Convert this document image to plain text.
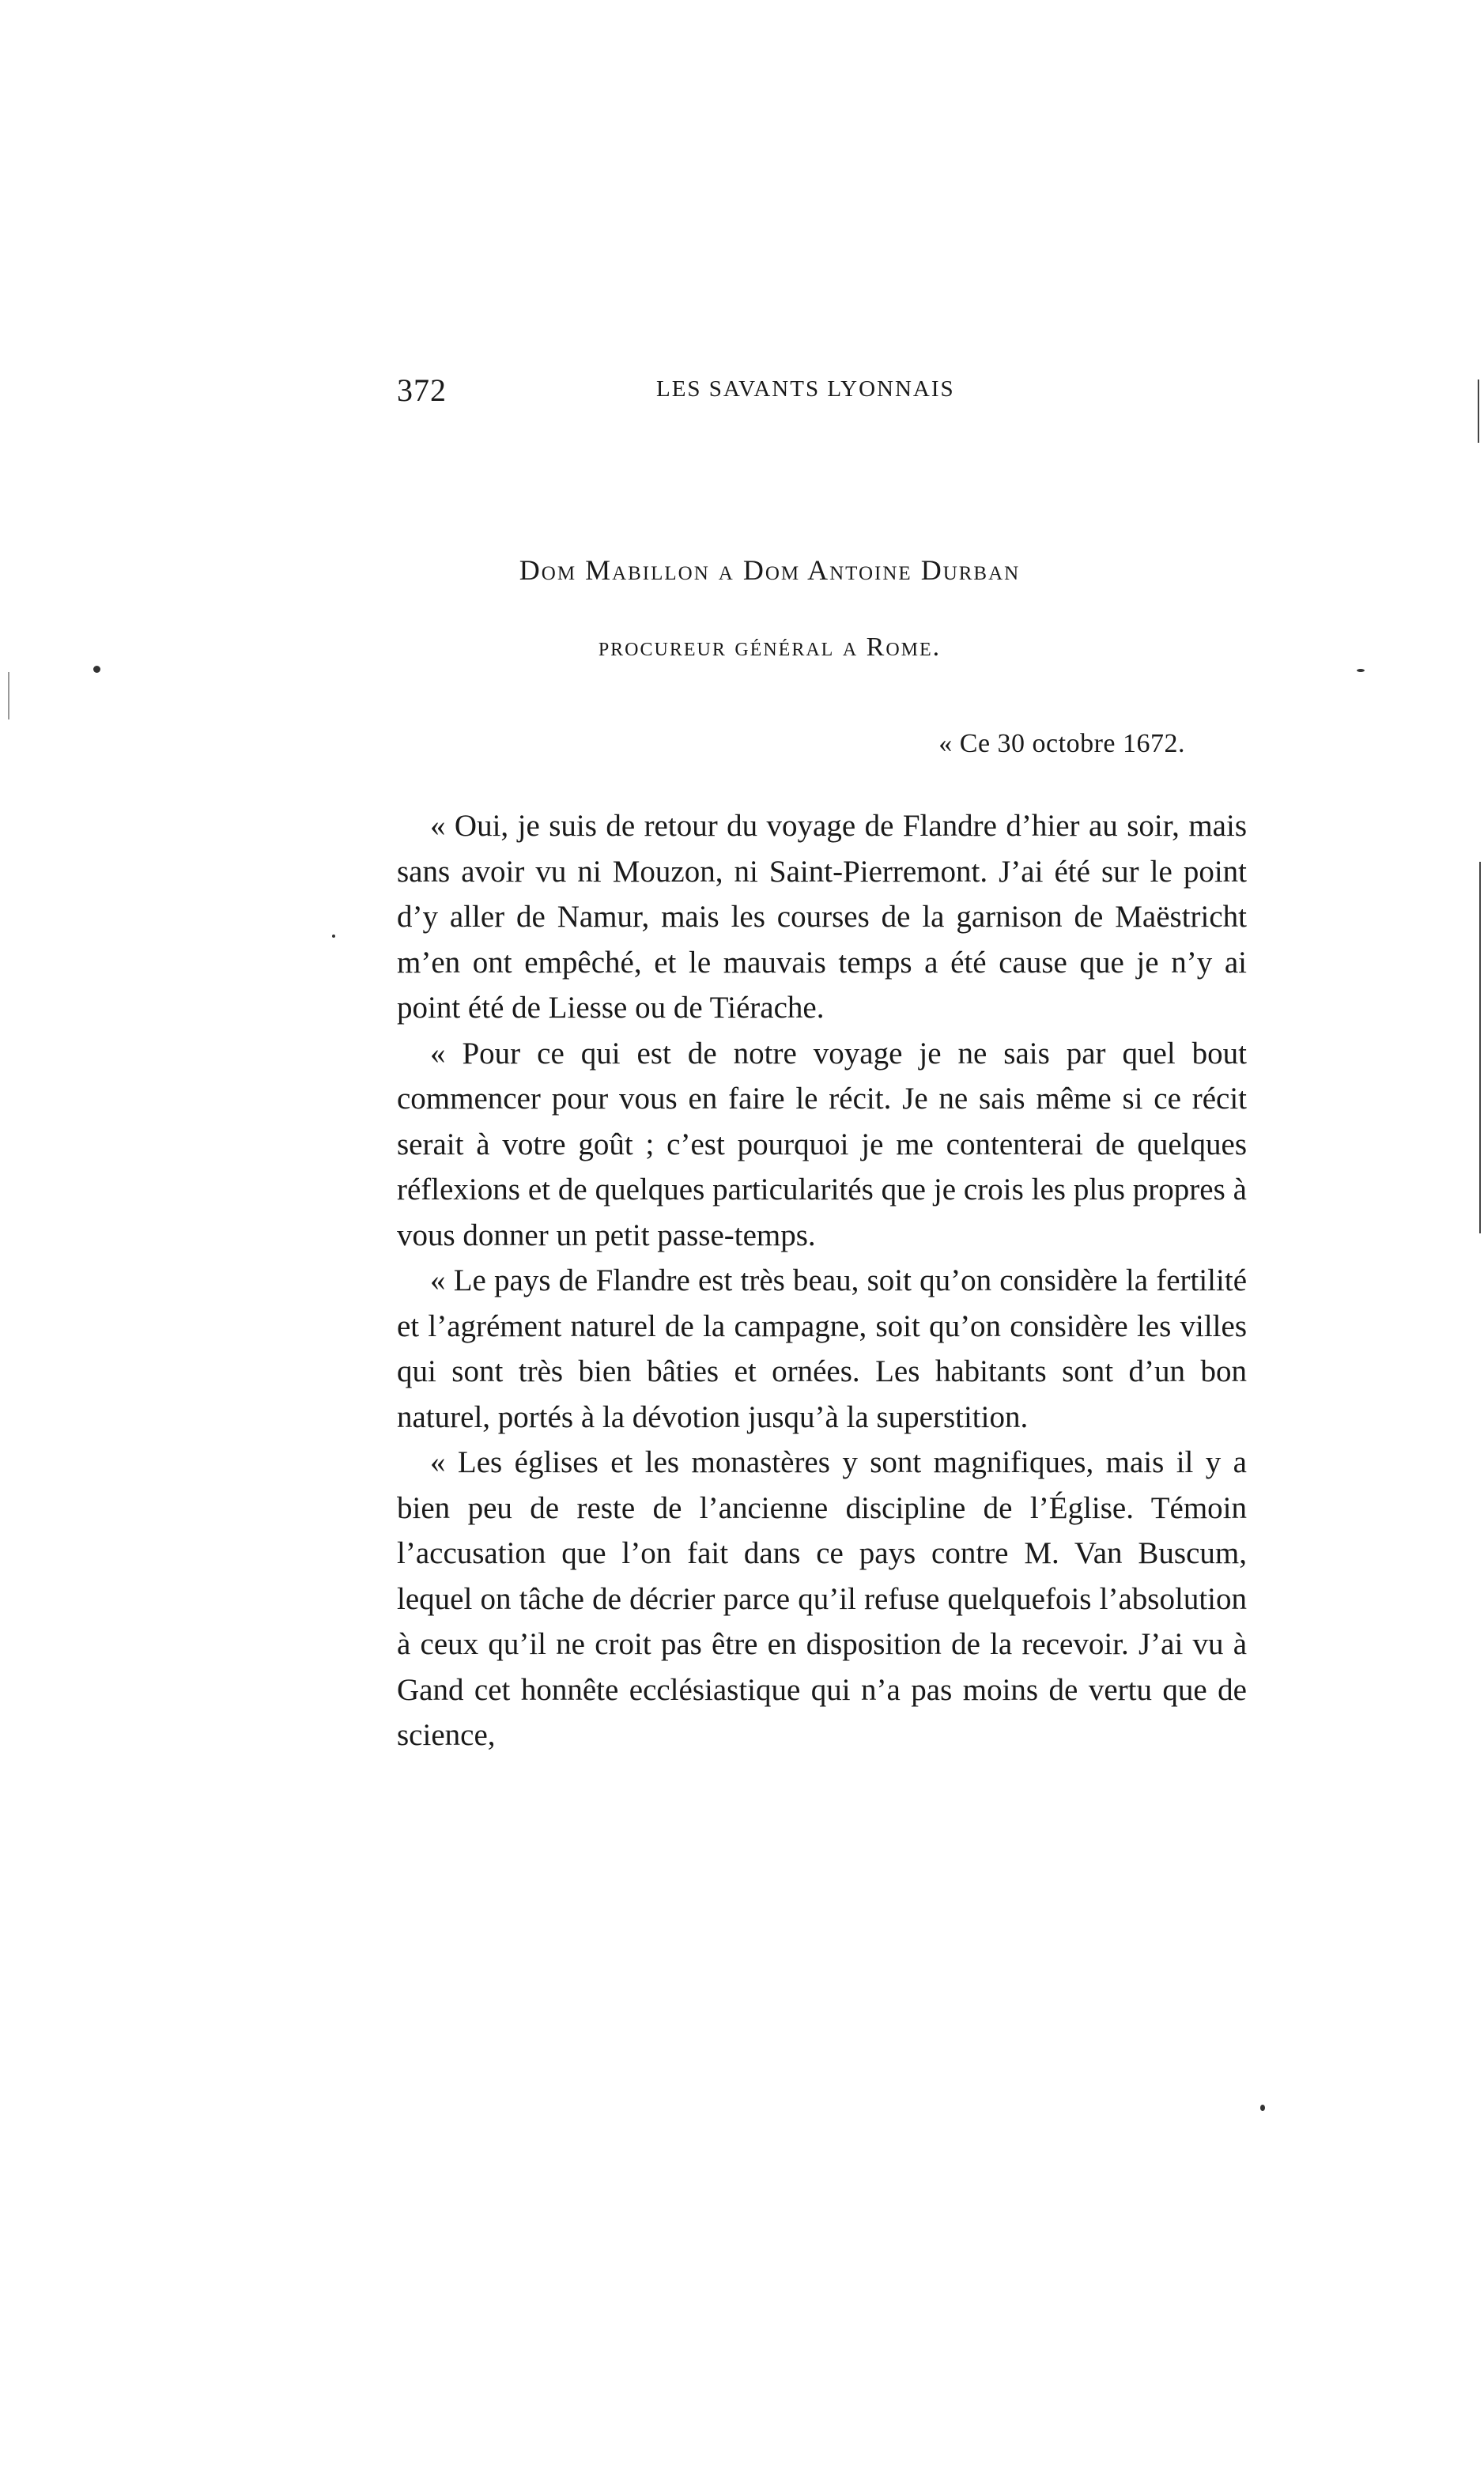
372	LES SAVANTS LYONNAIS
Dom Mabillon a Dom Antoine Durban
procureur général a Rome.
« Ce 30 octobre 1672.

« Oui, je suis de retour du voyage de Flandre d’hier au soir, mais sans avoir vu ni Mouzon, ni Saint-Pierremont. J’ai été sur le point d’y aller de Namur, mais les courses de la garnison de Maëstricht m’en ont empêché, et le mauvais temps a été cause que je n’y ai point été de Liesse ou de Tiérache.

« Pour ce qui est de notre voyage je ne sais par quel bout commencer pour vous en faire le récit. Je ne sais même si ce récit serait à votre goût ; c’est pourquoi je me contenterai de quelques réflexions et de quelques particularités que je crois les plus propres à vous donner un petit passe-temps.

« Le pays de Flandre est très beau, soit qu’on considère la fertilité et l’agrément naturel de la campagne, soit qu’on considère les villes qui sont très bien bâties et ornées. Les habitants sont d’un bon naturel, portés à la dévotion jusqu’à la superstition.

« Les églises et les monastères y sont magnifiques, mais il y a bien peu de reste de l’ancienne discipline de l’Église. Témoin l’accusation que l’on fait dans ce pays contre M. Van Buscum, lequel on tâche de décrier parce qu’il refuse quelquefois l’absolution à ceux qu’il ne croit pas être en disposition de la recevoir. J’ai vu à Gand cet honnête ecclésiastique qui n’a pas moins de vertu que de science,
